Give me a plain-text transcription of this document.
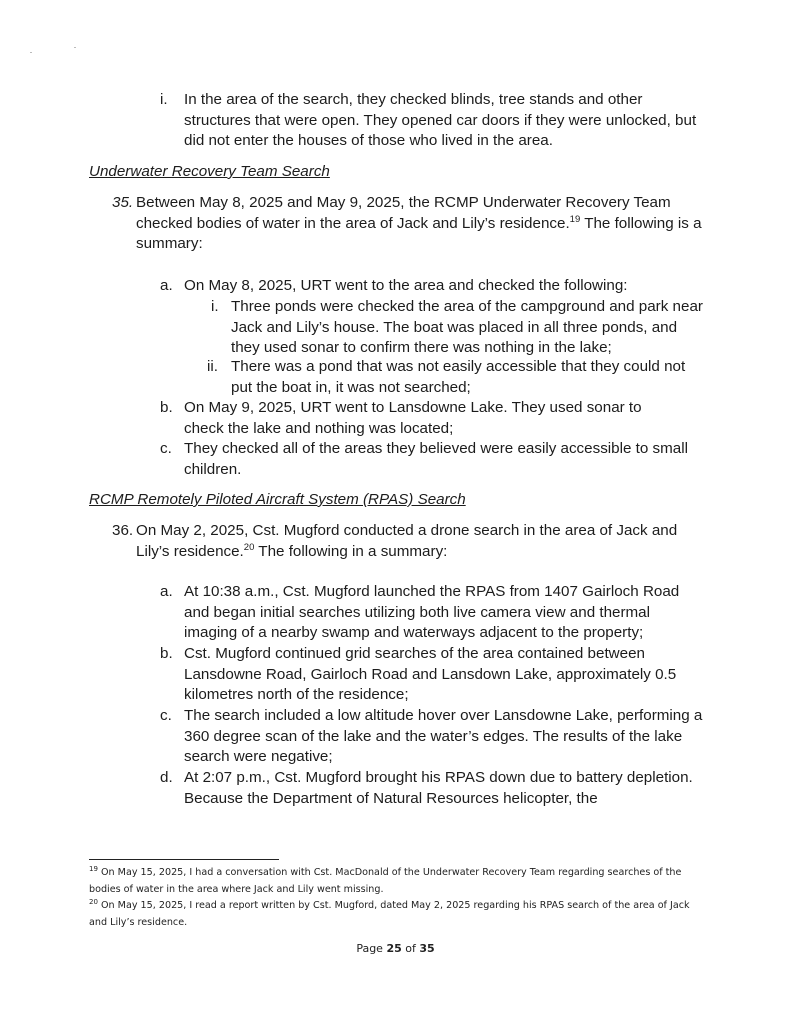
i. In the area of the search, they checked blinds, tree stands and other structures that were open. They opened car doors if they were unlocked, but did not enter the houses of those who lived in the area.
Underwater Recovery Team Search
35. Between May 8, 2025 and May 9, 2025, the RCMP Underwater Recovery Team checked bodies of water in the area of Jack and Lily’s residence.$^{19}$ The following is a summary:
a. On May 8, 2025, URT went to the area and checked the following:
i. Three ponds were checked the area of the campground and park near Jack and Lily’s house. The boat was placed in all three ponds, and they used sonar to confirm there was nothing in the lake;
ii. There was a pond that was not easily accessible that they could not put the boat in, it was not searched;
b. On May 9, 2025, URT went to Lansdowne Lake. They used sonar to check the lake and nothing was located;
c. They checked all of the areas they believed were easily accessible to small children.
RCMP Remotely Piloted Aircraft System (RPAS) Search
36. On May 2, 2025, Cst. Mugford conducted a drone search in the area of Jack and Lily’s residence.$^{20}$ The following in a summary:
a. At 10:38 a.m., Cst. Mugford launched the RPAS from 1407 Gairloch Road and began initial searches utilizing both live camera view and thermal imaging of a nearby swamp and waterways adjacent to the property;
b. Cst. Mugford continued grid searches of the area contained between Lansdowne Road, Gairloch Road and Lansdown Lake, approximately 0.5 kilometres north of the residence;
c. The search included a low altitude hover over Lansdowne Lake, performing a 360 degree scan of the lake and the water’s edges. The results of the lake search were negative;
d. At 2:07 p.m., Cst. Mugford brought his RPAS down due to battery depletion. Because the Department of Natural Resources helicopter, the
$^{19}$ On May 15, 2025, I had a conversation with Cst. MacDonald of the Underwater Recovery Team regarding searches of the bodies of water in the area where Jack and Lily went missing.
$^{20}$ On May 15, 2025, I read a report written by Cst. Mugford, dated May 2, 2025 regarding his RPAS search of the area of Jack and Lily’s residence.
Page 25 of 35
